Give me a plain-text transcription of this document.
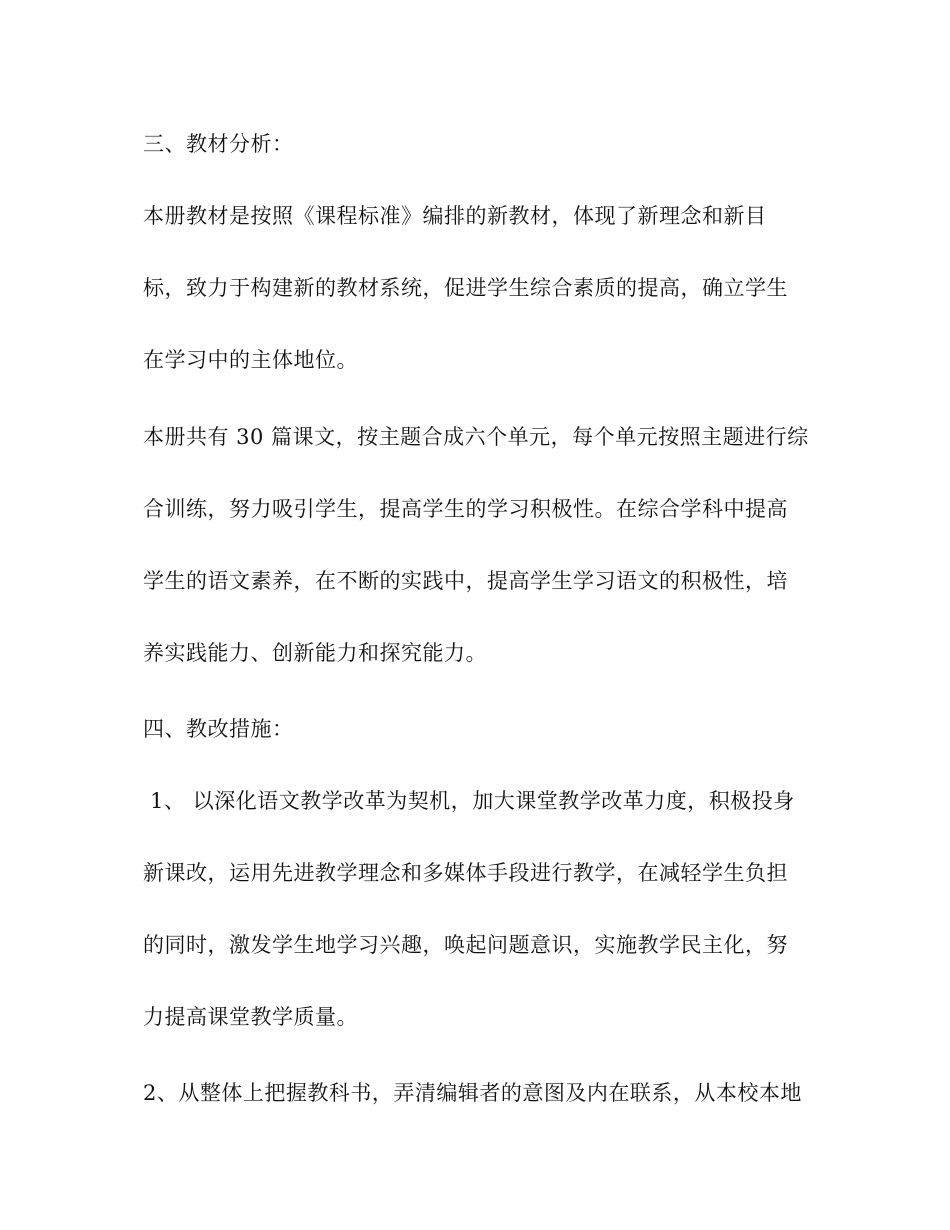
三、教材分析：
本册教材是按照《课程标准》编排的新教材，体现了新理念和新目
标，致力于构建新的教材系统，促进学生综合素质的提高，确立学生
在学习中的主体地位。
本册共有 30 篇课文，按主题合成六个单元，每个单元按照主题进行综
合训练，努力吸引学生，提高学生的学习积极性。在综合学科中提高
学生的语文素养，在不断的实践中，提高学生学习语文的积极性，培
养实践能力、创新能力和探究能力。
四、教改措施：
1、 以深化语文教学改革为契机，加大课堂教学改革力度，积极投身
新课改，运用先进教学理念和多媒体手段进行教学，在减轻学生负担
的同时，激发学生地学习兴趣，唤起问题意识，实施教学民主化，努
力提高课堂教学质量。
2、从整体上把握教科书，弄清编辑者的意图及内在联系，从本校本地
